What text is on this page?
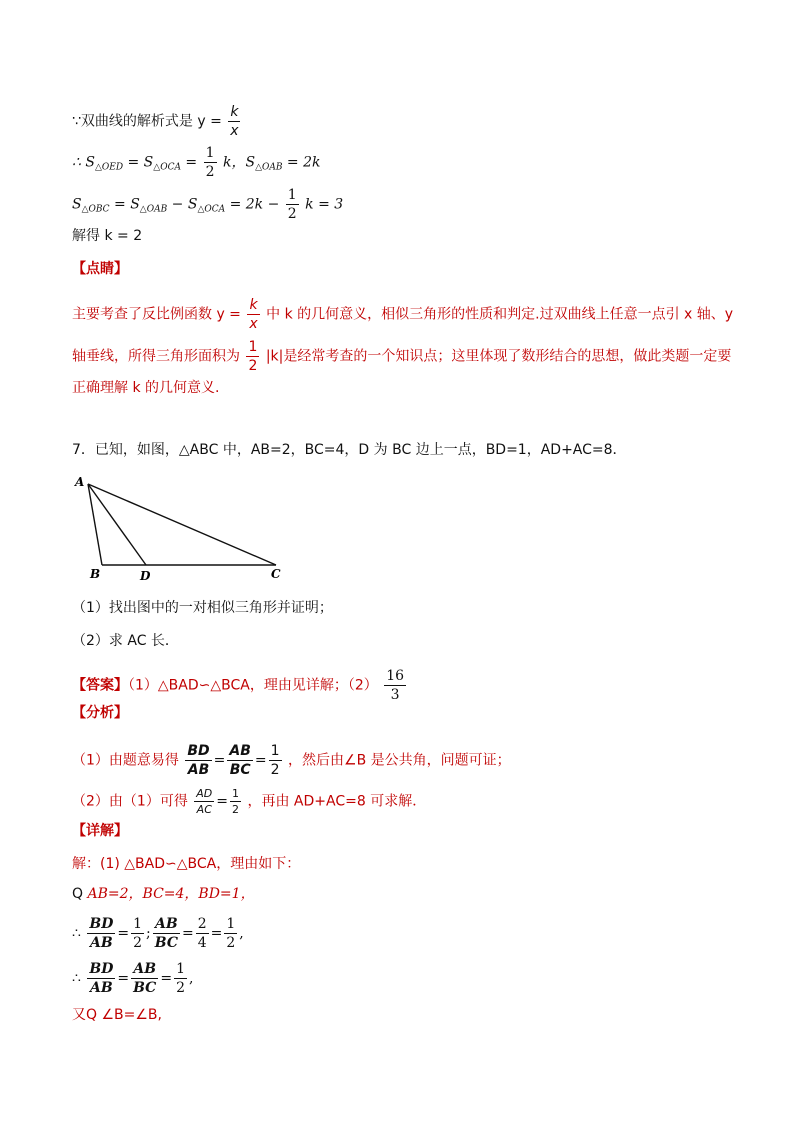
∵双曲线的解析式是 $y = \frac{k}{x}$
∴ $S_{\triangle OED} = S_{\triangle OCA} = \frac{1}{2}$ k，$S_{\triangle OAB} = 2k$
$S_{\triangle OBC} = S_{\triangle OAB} - S_{\triangle OCA} = 2k - \frac{1}{2}$ k = 3
解得 k = 2
【点睛】
主要考查了反比例函数 $y = \frac{k}{x}$ 中 k 的几何意义，相似三角形的性质和判定.过双曲线上任意一点引 x 轴、y
轴垂线，所得三角形面积为 $\frac{1}{2} |k|$是经常考查的一个知识点；这里体现了数形结合的思想，做此类题一定要
正确理解 k 的几何意义.
7．已知，如图，△ABC 中，AB=2，BC=4，D 为 BC 边上一点，BD=1，AD+AC=8．
A
B	D	C
（1）找出图中的一对相似三角形并证明；
（2）求 AC 长．
【答案】（1）△BAD∽△BCA，理由见详解；$(2) \frac{16}{3}$
【分析】
（1）由题意易得 $\frac{BD}{AB} = \frac{AB}{BC} = \frac{1}{2}$ ，然后由∠B 是公共角，问题可证；
（2）由（1）可得 $\frac{AD}{AC} = \frac{1}{2}$ ，再由 AD+AC=8 可求解．
【详解】
解：(1) △BAD∽△BCA，理由如下：
Q AB=2，BC=4，BD=1，
∴ $\frac{BD}{AB} = \frac{1}{2}$ ; $\frac{AB}{BC} = \frac{2}{4} = \frac{1}{2}$ ,
∴ $\frac{BD}{AB} = \frac{AB}{BC} = \frac{1}{2}$ ,
又Q ∠B=∠B,
